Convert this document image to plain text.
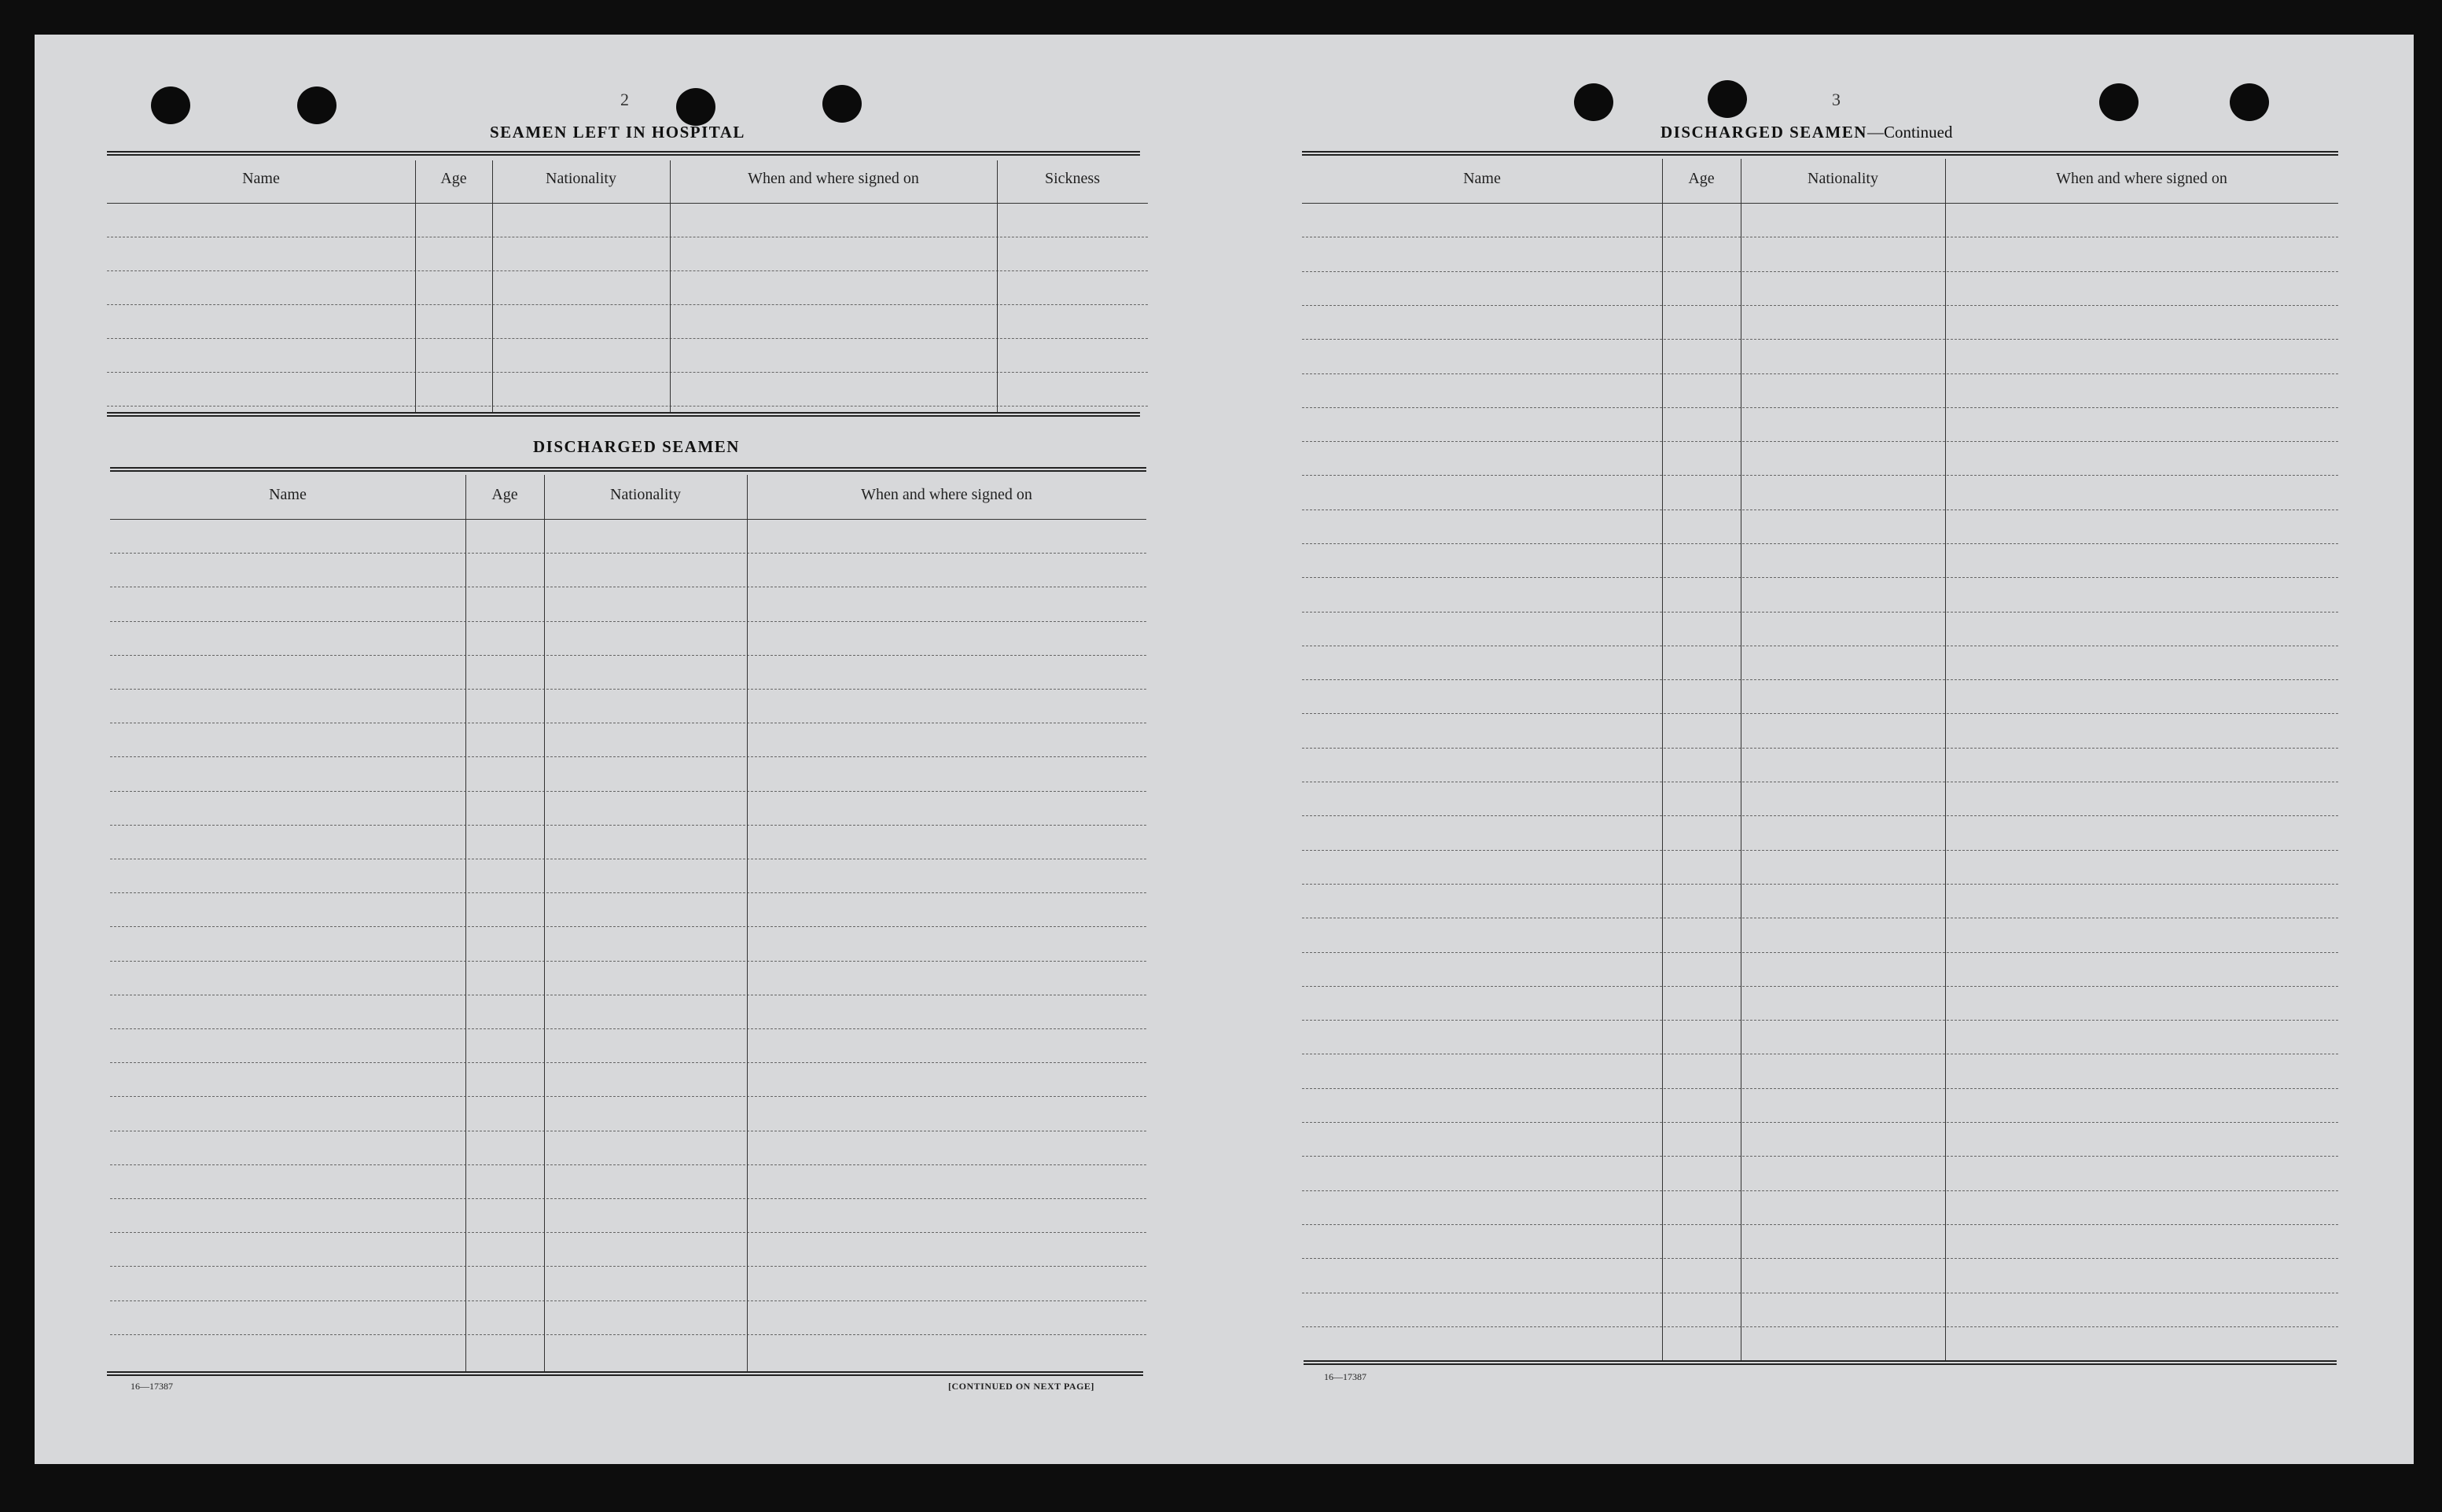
2
SEAMEN LEFT IN HOSPITAL
Name	Age	Nationality	When and where signed on	Sickness
DISCHARGED SEAMEN
Name	Age	Nationality	When and where signed on
16—17387	[CONTINUED ON NEXT PAGE]
3
DISCHARGED SEAMEN—Continued
Name	Age	Nationality	When and where signed on
16—17387
